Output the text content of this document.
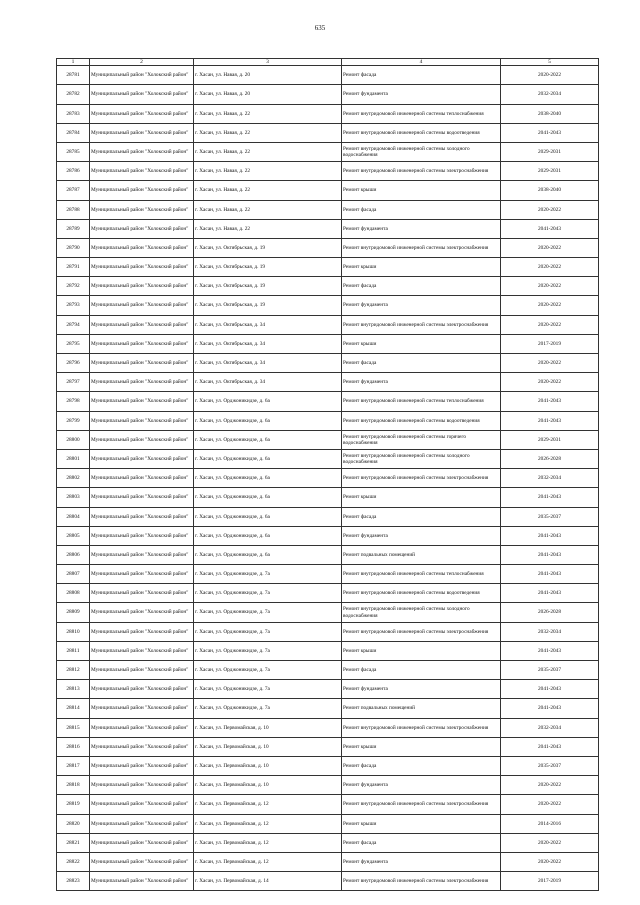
635
1	2	3	4	5
28781	Муниципальный район "Холокский район"	г. Хасан, ул. Навая, д. 20	Ремонт фасада	2020-2022
28782	Муниципальный район "Холокский район"	г. Хасан, ул. Навая, д. 20	Ремонт фундамента	2032-2034
28783	Муниципальный район "Холокский район"	г. Хасан, ул. Навая, д. 22	Ремонт внутридомовой инженерной системы теплоснабжения	2038-2040
28784	Муниципальный район "Холокский район"	г. Хасан, ул. Навая, д. 22	Ремонт внутридомовой инженерной системы водоотведения	2041-2043
28785	Муниципальный район "Холокский район"	г. Хасан, ул. Навая, д. 22	Ремонт внутридомовой инженерной системы холодного водоснабжения	2029-2031
28786	Муниципальный район "Холокский район"	г. Хасан, ул. Навая, д. 22	Ремонт внутридомовой инженерной системы электроснабжения	2029-2031
28787	Муниципальный район "Холокский район"	г. Хасан, ул. Навая, д. 22	Ремонт крыши	2038-2040
28788	Муниципальный район "Холокский район"	г. Хасан, ул. Навая, д. 22	Ремонт фасада	2020-2022
28789	Муниципальный район "Холокский район"	г. Хасан, ул. Навая, д. 22	Ремонт фундамента	2041-2043
28790	Муниципальный район "Холокский район"	г. Хасан, ул. Октябрьская, д. 19	Ремонт внутридомовой инженерной системы электроснабжения	2020-2022
28791	Муниципальный район "Холокский район"	г. Хасан, ул. Октябрьская, д. 19	Ремонт крыши	2020-2022
28792	Муниципальный район "Холокский район"	г. Хасан, ул. Октябрьская, д. 19	Ремонт фасада	2020-2022
28793	Муниципальный район "Холокский район"	г. Хасан, ул. Октябрьская, д. 19	Ремонт фундамента	2020-2022
28794	Муниципальный район "Холокский район"	г. Хасан, ул. Октябрьская, д. 34	Ремонт внутридомовой инженерной системы электроснабжения	2020-2022
28795	Муниципальный район "Холокский район"	г. Хасан, ул. Октябрьская, д. 34	Ремонт крыши	2017-2019
28796	Муниципальный район "Холокский район"	г. Хасан, ул. Октябрьская, д. 34	Ремонт фасада	2020-2022
28797	Муниципальный район "Холокский район"	г. Хасан, ул. Октябрьская, д. 34	Ремонт фундамента	2020-2022
28798	Муниципальный район "Холокский район"	г. Хасан, ул. Орджоникидзе, д. 6а	Ремонт внутридомовой инженерной системы теплоснабжения	2041-2043
28799	Муниципальный район "Холокский район"	г. Хасан, ул. Орджоникидзе, д. 6а	Ремонт внутридомовой инженерной системы водоотведения	2041-2043
28800	Муниципальный район "Холокский район"	г. Хасан, ул. Орджоникидзе, д. 6а	Ремонт внутридомовой инженерной системы горячего водоснабжения	2029-2031
28801	Муниципальный район "Холокский район"	г. Хасан, ул. Орджоникидзе, д. 6а	Ремонт внутридомовой инженерной системы холодного водоснабжения	2026-2028
28802	Муниципальный район "Холокский район"	г. Хасан, ул. Орджоникидзе, д. 6а	Ремонт внутридомовой инженерной системы электроснабжения	2032-2034
28803	Муниципальный район "Холокский район"	г. Хасан, ул. Орджоникидзе, д. 6а	Ремонт крыши	2041-2043
28804	Муниципальный район "Холокский район"	г. Хасан, ул. Орджоникидзе, д. 6а	Ремонт фасада	2035-2037
28805	Муниципальный район "Холокский район"	г. Хасан, ул. Орджоникидзе, д. 6а	Ремонт фундамента	2041-2043
28806	Муниципальный район "Холокский район"	г. Хасан, ул. Орджоникидзе, д. 6а	Ремонт подвальных помещений	2041-2043
28807	Муниципальный район "Холокский район"	г. Хасан, ул. Орджоникидзе, д. 7а	Ремонт внутридомовой инженерной системы теплоснабжения	2041-2043
28808	Муниципальный район "Холокский район"	г. Хасан, ул. Орджоникидзе, д. 7а	Ремонт внутридомовой инженерной системы водоотведения	2041-2043
28809	Муниципальный район "Холокский район"	г. Хасан, ул. Орджоникидзе, д. 7а	Ремонт внутридомовой инженерной системы холодного водоснабжения	2026-2028
28810	Муниципальный район "Холокский район"	г. Хасан, ул. Орджоникидзе, д. 7а	Ремонт внутридомовой инженерной системы электроснабжения	2032-2034
28811	Муниципальный район "Холокский район"	г. Хасан, ул. Орджоникидзе, д. 7а	Ремонт крыши	2041-2043
28812	Муниципальный район "Холокский район"	г. Хасан, ул. Орджоникидзе, д. 7а	Ремонт фасада	2035-2037
28813	Муниципальный район "Холокский район"	г. Хасан, ул. Орджоникидзе, д. 7а	Ремонт фундамента	2041-2043
28814	Муниципальный район "Холокский район"	г. Хасан, ул. Орджоникидзе, д. 7а	Ремонт подвальных помещений	2041-2043
28815	Муниципальный район "Холокский район"	г. Хасан, ул. Первомайская, д. 10	Ремонт внутридомовой инженерной системы электроснабжения	2032-2034
28816	Муниципальный район "Холокский район"	г. Хасан, ул. Первомайская, д. 10	Ремонт крыши	2041-2043
28817	Муниципальный район "Холокский район"	г. Хасан, ул. Первомайская, д. 10	Ремонт фасада	2035-2037
28818	Муниципальный район "Холокский район"	г. Хасан, ул. Первомайская, д. 10	Ремонт фундамента	2020-2022
28819	Муниципальный район "Холокский район"	г. Хасан, ул. Первомайская, д. 12	Ремонт внутридомовой инженерной системы электроснабжения	2020-2022
28820	Муниципальный район "Холокский район"	г. Хасан, ул. Первомайская, д. 12	Ремонт крыши	2014-2016
28821	Муниципальный район "Холокский район"	г. Хасан, ул. Первомайская, д. 12	Ремонт фасада	2020-2022
28822	Муниципальный район "Холокский район"	г. Хасан, ул. Первомайская, д. 12	Ремонт фундамента	2020-2022
28823	Муниципальный район "Холокский район"	г. Хасан, ул. Первомайская, д. 14	Ремонт внутридомовой инженерной системы электроснабжения	2017-2019
